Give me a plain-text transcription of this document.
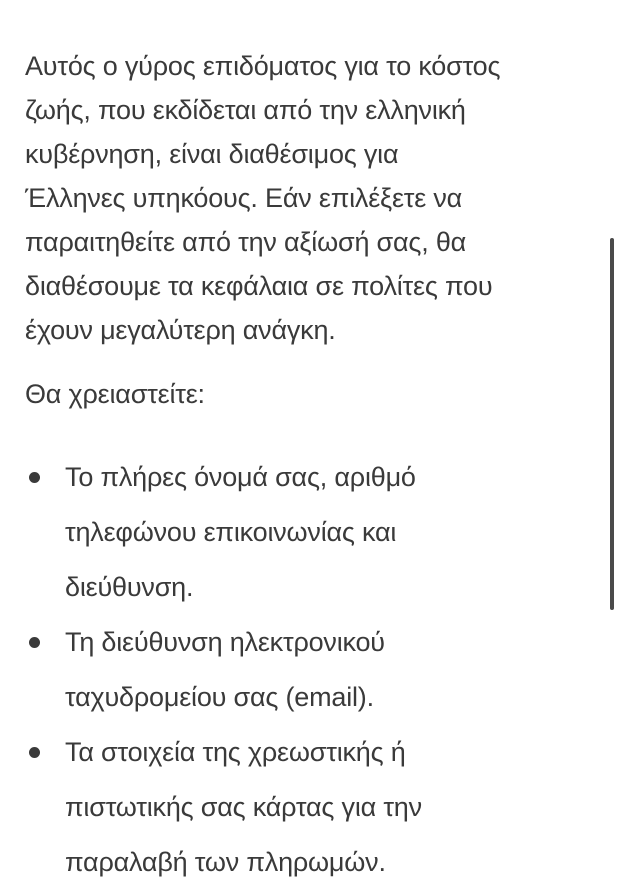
Αυτός ο γύρος επιδόματος για το κόστος
ζωής, που εκδίδεται από την ελληνική
κυβέρνηση, είναι διαθέσιμος για
Έλληνες υπηκόους. Εάν επιλέξετε να
παραιτηθείτε από την αξίωσή σας, θα
διαθέσουμε τα κεφάλαια σε πολίτες που
έχουν μεγαλύτερη ανάγκη.

Θα χρειαστείτε:

Το πλήρες όνομά σας, αριθμό
τηλεφώνου επικοινωνίας και
διεύθυνση.
Τη διεύθυνση ηλεκτρονικού
ταχυδρομείου σας (email).
Τα στοιχεία της χρεωστικής ή
πιστωτικής σας κάρτας για την
παραλαβή των πληρωμών.
